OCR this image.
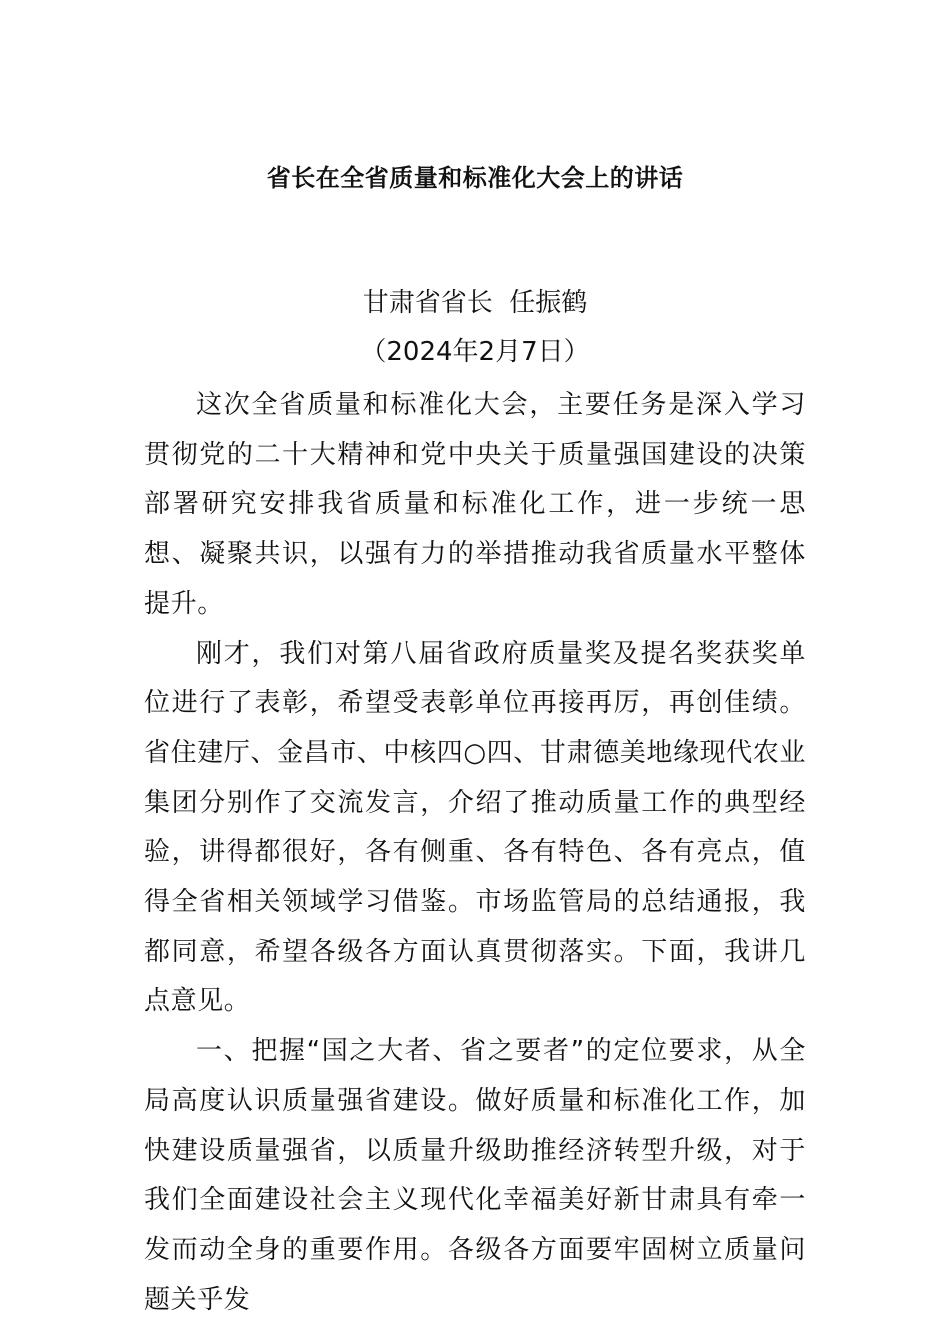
省长在全省质量和标准化大会上的讲话
甘肃省省长  任振鹤
（2024年2月7日）

这次全省质量和标准化大会，主要任务是深入学习贯彻党的二十大精神和党中央关于质量强国建设的决策部署研究安排我省质量和标准化工作，进一步统一思想、凝聚共识，以强有力的举措推动我省质量水平整体提升。

刚才，我们对第八届省政府质量奖及提名奖获奖单位进行了表彰，希望受表彰单位再接再厉，再创佳绩。省住建厅、金昌市、中核四○四、甘肃德美地缘现代农业集团分别作了交流发言，介绍了推动质量工作的典型经验，讲得都很好，各有侧重、各有特色、各有亮点，值得全省相关领域学习借鉴。市场监管局的总结通报，我都同意，希望各级各方面认真贯彻落实。下面，我讲几点意见。

一、把握“国之大者、省之要者”的定位要求，从全局高度认识质量强省建设。做好质量和标准化工作，加快建设质量强省，以质量升级助推经济转型升级，对于我们全面建设社会主义现代化幸福美好新甘肃具有牵一发而动全身的重要作用。各级各方面要牢固树立质量问题关乎发
